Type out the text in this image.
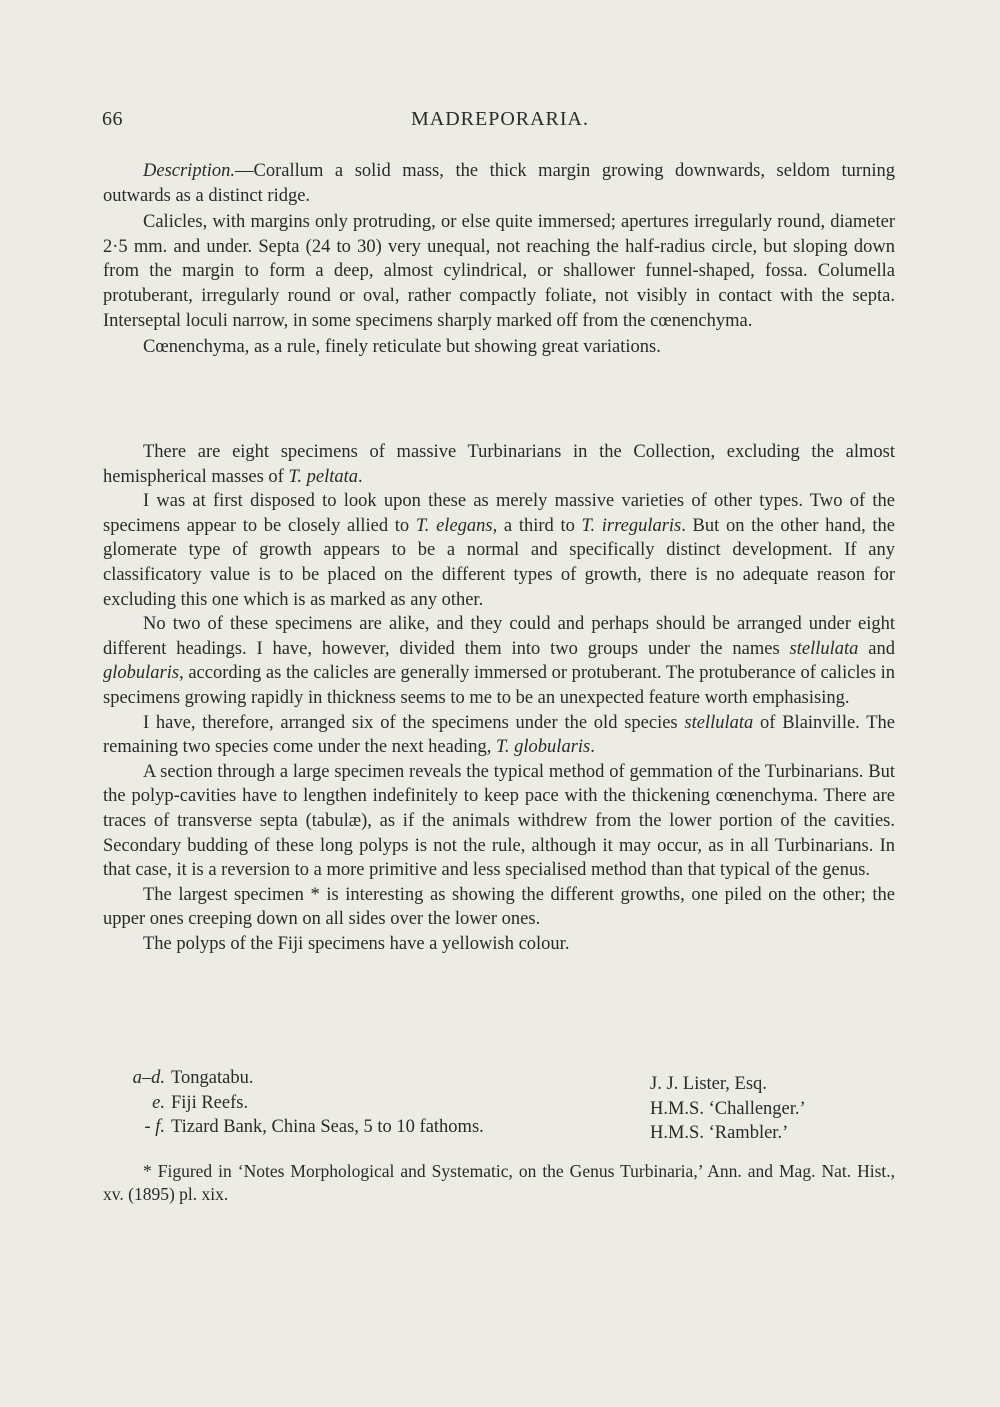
66	MADREPORARIA.

Description.—Corallum a solid mass, the thick margin growing downwards, seldom turning outwards as a distinct ridge.

Calicles, with margins only protruding, or else quite immersed; apertures irregularly round, diameter 2·5 mm. and under. Septa (24 to 30) very unequal, not reaching the half-radius circle, but sloping down from the margin to form a deep, almost cylindrical, or shallower funnel-shaped, fossa. Columella protuberant, irregularly round or oval, rather compactly foliate, not visibly in contact with the septa. Interseptal loculi narrow, in some specimens sharply marked off from the cœnenchyma.

Cœnenchyma, as a rule, finely reticulate but showing great variations.

There are eight specimens of massive Turbinarians in the Collection, excluding the almost hemispherical masses of T. peltata.

I was at first disposed to look upon these as merely massive varieties of other types. Two of the specimens appear to be closely allied to T. elegans, a third to T. irregularis. But on the other hand, the glomerate type of growth appears to be a normal and specifically distinct development. If any classificatory value is to be placed on the different types of growth, there is no adequate reason for excluding this one which is as marked as any other.

No two of these specimens are alike, and they could and perhaps should be arranged under eight different headings. I have, however, divided them into two groups under the names stellulata and globularis, according as the calicles are generally immersed or protuberant. The protuberance of calicles in specimens growing rapidly in thickness seems to me to be an unexpected feature worth emphasising.

I have, therefore, arranged six of the specimens under the old species stellulata of Blainville. The remaining two species come under the next heading, T. globularis.

A section through a large specimen reveals the typical method of gemmation of the Turbinarians. But the polyp-cavities have to lengthen indefinitely to keep pace with the thickening cœnenchyma. There are traces of transverse septa (tabulæ), as if the animals withdrew from the lower portion of the cavities. Secondary budding of these long polyps is not the rule, although it may occur, as in all Turbinarians. In that case, it is a reversion to a more primitive and less specialised method than that typical of the genus.

The largest specimen * is interesting as showing the different growths, one piled on the other; the upper ones creeping down on all sides over the lower ones.

The polyps of the Fiji specimens have a yellowish colour.

a–d. Tongatabu.	J. J. Lister, Esq.
e. Fiji Reefs.	H.M.S. ‘Challenger.’
- f. Tizard Bank, China Seas, 5 to 10 fathoms.	H.M.S. ‘Rambler.’

* Figured in ‘Notes Morphological and Systematic, on the Genus Turbinaria,’ Ann. and Mag. Nat. Hist., xv. (1895) pl. xix.
